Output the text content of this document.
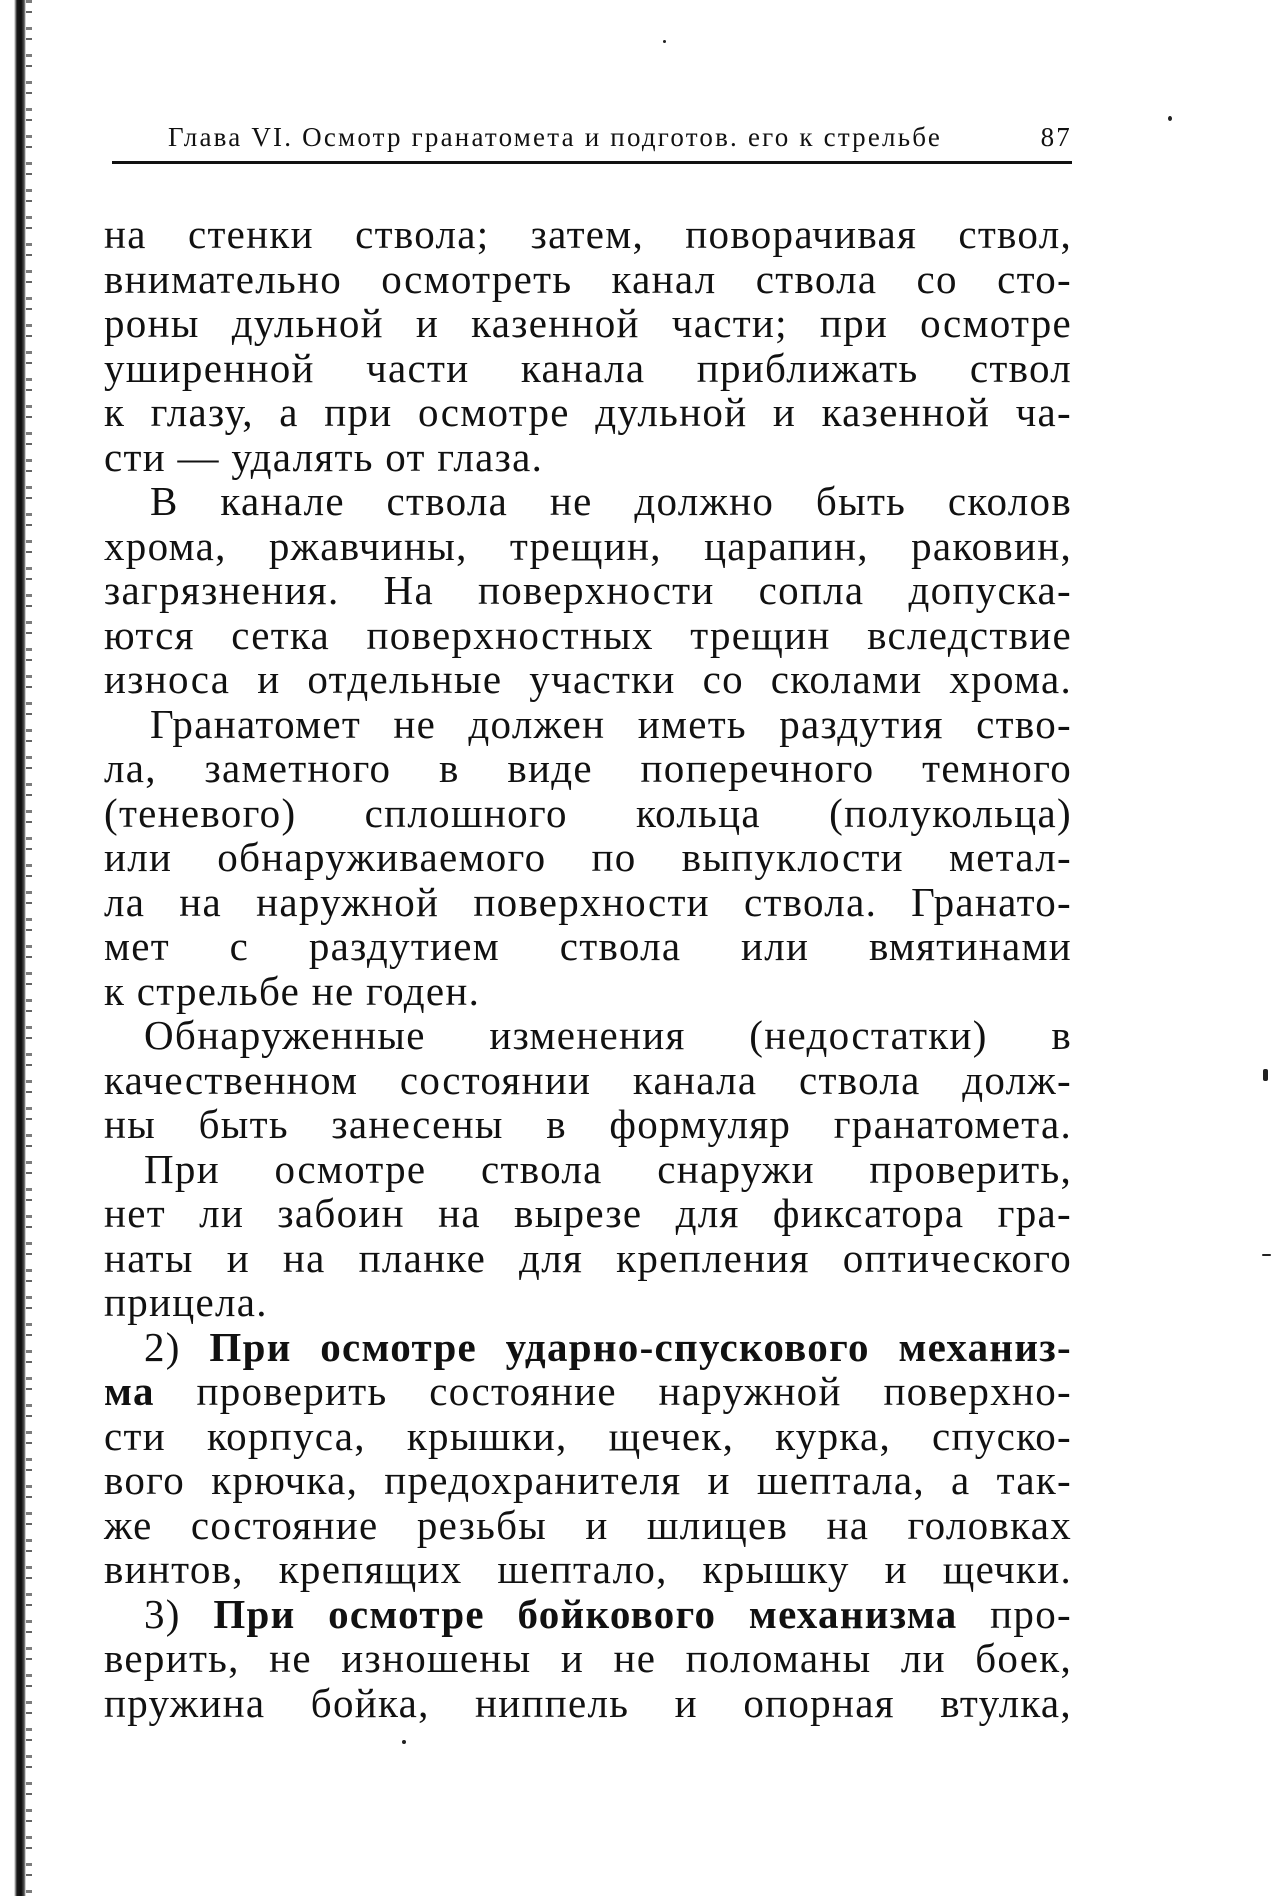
Глава VI. Осмотр гранатомета и подготов. его к стрельбе	87
на стенки ствола; затем, поворачивая ствол,
внимательно осмотреть канал ствола со сто-
роны дульной и казенной части; при осмотре
уширенной части канала приближать ствол
к глазу, а при осмотре дульной и казенной ча-
сти — удалять от глаза.
В канале ствола не должно быть сколов
хрома, ржавчины, трещин, царапин, раковин,
загрязнения. На поверхности сопла допуска-
ются сетка поверхностных трещин вследствие
износа и отдельные участки со сколами хрома.
Гранатомет не должен иметь раздутия ство-
ла, заметного в виде поперечного темного
(теневого) сплошного кольца (полукольца)
или обнаруживаемого по выпуклости метал-
ла на наружной поверхности ствола. Гранато-
мет с раздутием ствола или вмятинами
к стрельбе не годен.
Обнаруженные изменения (недостатки) в
качественном состоянии канала ствола долж-
ны быть занесены в формуляр гранатомета.
При осмотре ствола снаружи проверить,
нет ли забоин на вырезе для фиксатора гра-
наты и на планке для крепления оптического
прицела.
2) При осмотре ударно-спускового механиз-
ма проверить состояние наружной поверхно-
сти корпуса, крышки, щечек, курка, спуско-
вого крючка, предохранителя и шептала, а так-
же состояние резьбы и шлицев на головках
винтов, крепящих шептало, крышку и щечки.
3) При осмотре бойкового механизма про-
верить, не изношены и не поломаны ли боек,
пружина бойка, ниппель и опорная втулка,
